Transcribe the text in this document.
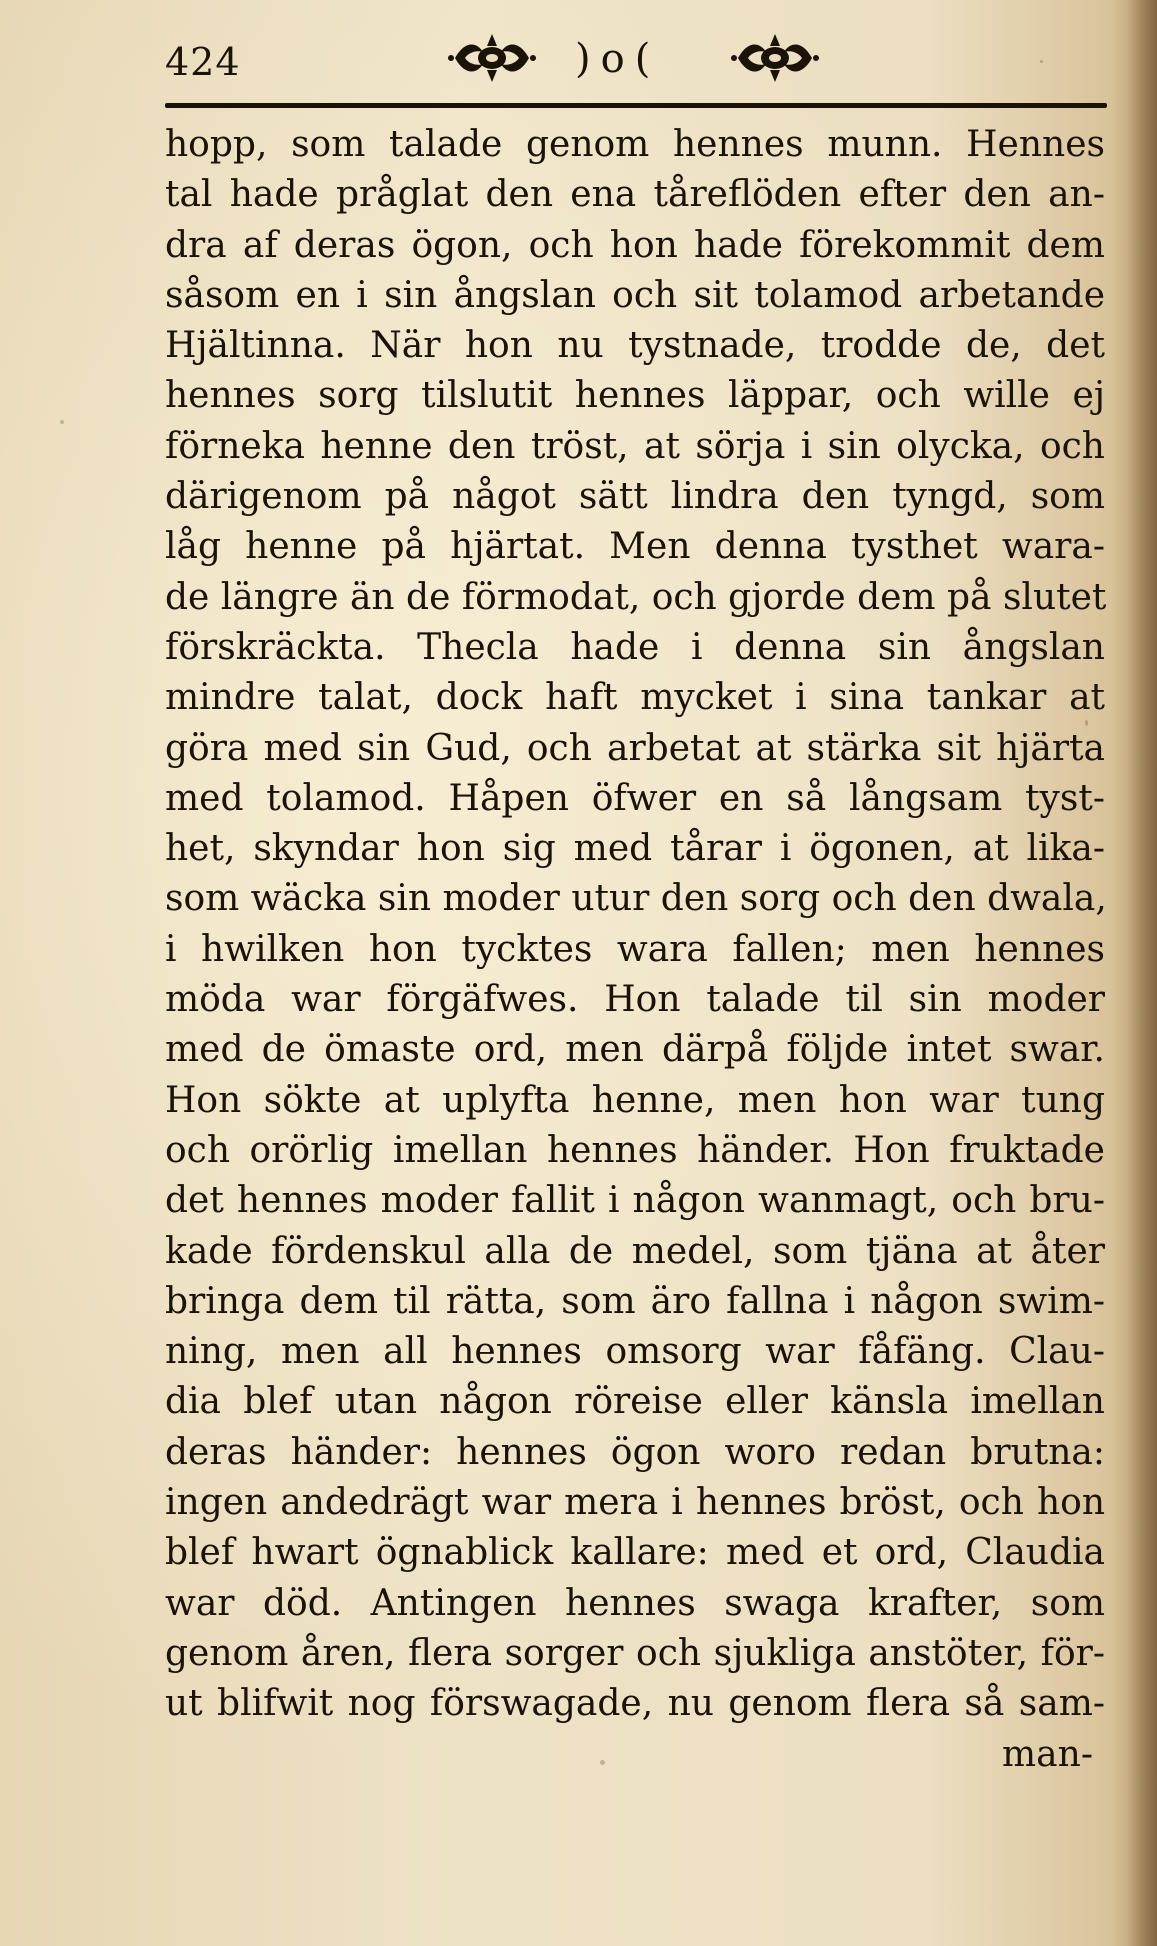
424	)o(
hopp, som talade genom hennes munn. Hennes
tal hade pråglat den ena tåreflöden efter den an-
dra af deras ögon, och hon hade förekommit dem
såsom en i sin ångslan och sit tolamod arbetande
Hjältinna. När hon nu tystnade, trodde de, det
hennes sorg tilslutit hennes läppar, och wille ej
förneka henne den tröst, at sörja i sin olycka, och
därigenom på något sätt lindra den tyngd, som
låg henne på hjärtat. Men denna tysthet wara-
de längre än de förmodat, och gjorde dem på slutet
förskräckta. Thecla hade i denna sin ångslan
mindre talat, dock haft mycket i sina tankar at
göra med sin Gud, och arbetat at stärka sit hjärta
med tolamod. Håpen öfwer en så långsam tyst-
het, skyndar hon sig med tårar i ögonen, at lika-
som wäcka sin moder utur den sorg och den dwala,
i hwilken hon tycktes wara fallen; men hennes
möda war förgäfwes. Hon talade til sin moder
med de ömaste ord, men därpå följde intet swar.
Hon sökte at uplyfta henne, men hon war tung
och orörlig imellan hennes händer. Hon fruktade
det hennes moder fallit i någon wanmagt, och bru-
kade fördenskul alla de medel, som tjäna at åter
bringa dem til rätta, som äro fallna i någon swim-
ning, men all hennes omsorg war fåfäng. Clau-
dia blef utan någon röreise eller känsla imellan
deras händer: hennes ögon woro redan brutna:
ingen andedrägt war mera i hennes bröst, och hon
blef hwart ögnablick kallare: med et ord, Claudia
war död. Antingen hennes swaga krafter, som
genom åren, flera sorger och sjukliga anstöter, för-
ut blifwit nog förswagade, nu genom flera så sam-
man-
